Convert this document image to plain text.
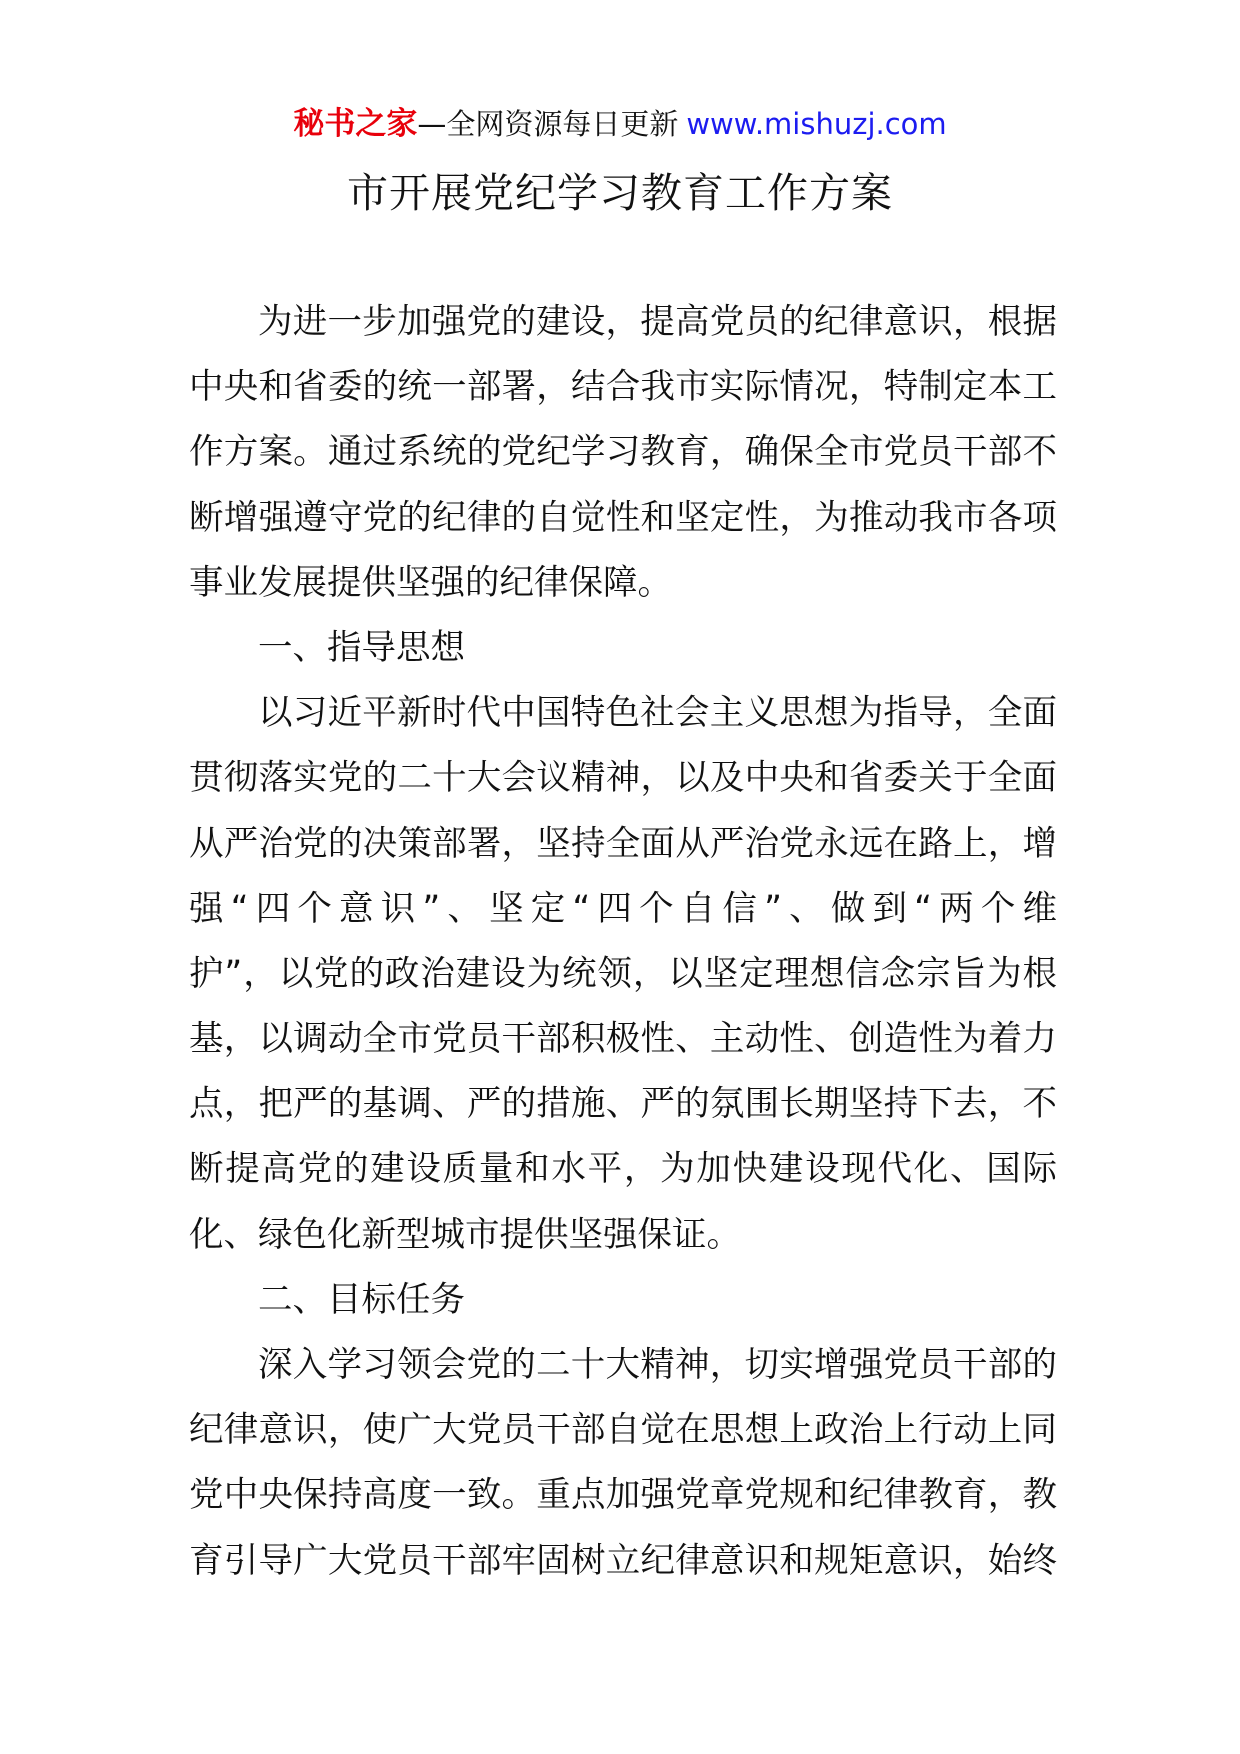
秘书之家—全网资源每日更新 www.mishuzj.com
市开展党纪学习教育工作方案
为进一步加强党的建设，提高党员的纪律意识，根据
中央和省委的统一部署，结合我市实际情况，特制定本工
作方案。通过系统的党纪学习教育，确保全市党员干部不
断增强遵守党的纪律的自觉性和坚定性，为推动我市各项
事业发展提供坚强的纪律保障。
一、指导思想
以习近平新时代中国特色社会主义思想为指导，全面
贯彻落实党的二十大会议精神，以及中央和省委关于全面
从严治党的决策部署，坚持全面从严治党永远在路上，增
强“四个意识”、坚定“四个自信”、做到“两个维
护”，以党的政治建设为统领，以坚定理想信念宗旨为根
基，以调动全市党员干部积极性、主动性、创造性为着力
点，把严的基调、严的措施、严的氛围长期坚持下去，不
断提高党的建设质量和水平，为加快建设现代化、国际
化、绿色化新型城市提供坚强保证。
二、目标任务
深入学习领会党的二十大精神，切实增强党员干部的
纪律意识，使广大党员干部自觉在思想上政治上行动上同
党中央保持高度一致。重点加强党章党规和纪律教育，教
育引导广大党员干部牢固树立纪律意识和规矩意识，始终
